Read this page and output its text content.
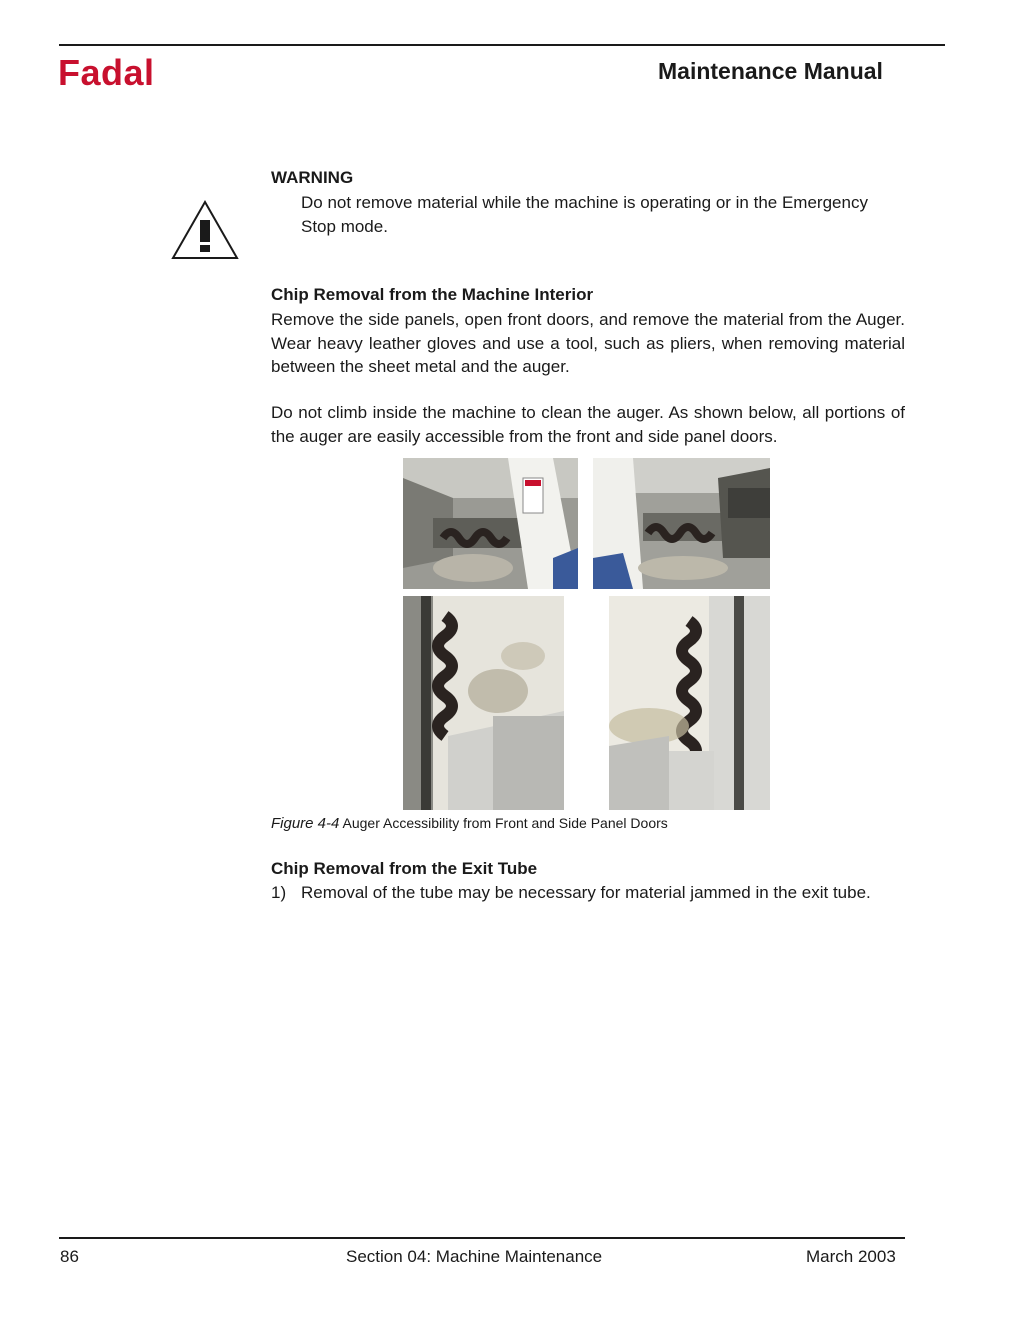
Fadal	Maintenance Manual
WARNING
Do not remove material while the machine is operating or in the Emergency Stop mode.
Chip Removal from the Machine Interior
Remove the side panels, open front doors, and remove the material from the Auger. Wear heavy leather gloves and use a tool, such as pliers, when removing material between the sheet metal and the auger.
Do not climb inside the machine to clean the auger. As shown below, all portions of the auger are easily accessible from the front and side panel doors.
Figure 4-4 Auger Accessibility from Front and Side Panel Doors
Chip Removal from the Exit Tube
1) Removal of the tube may be necessary for material jammed in the exit tube.
86	Section 04: Machine Maintenance	March 2003
